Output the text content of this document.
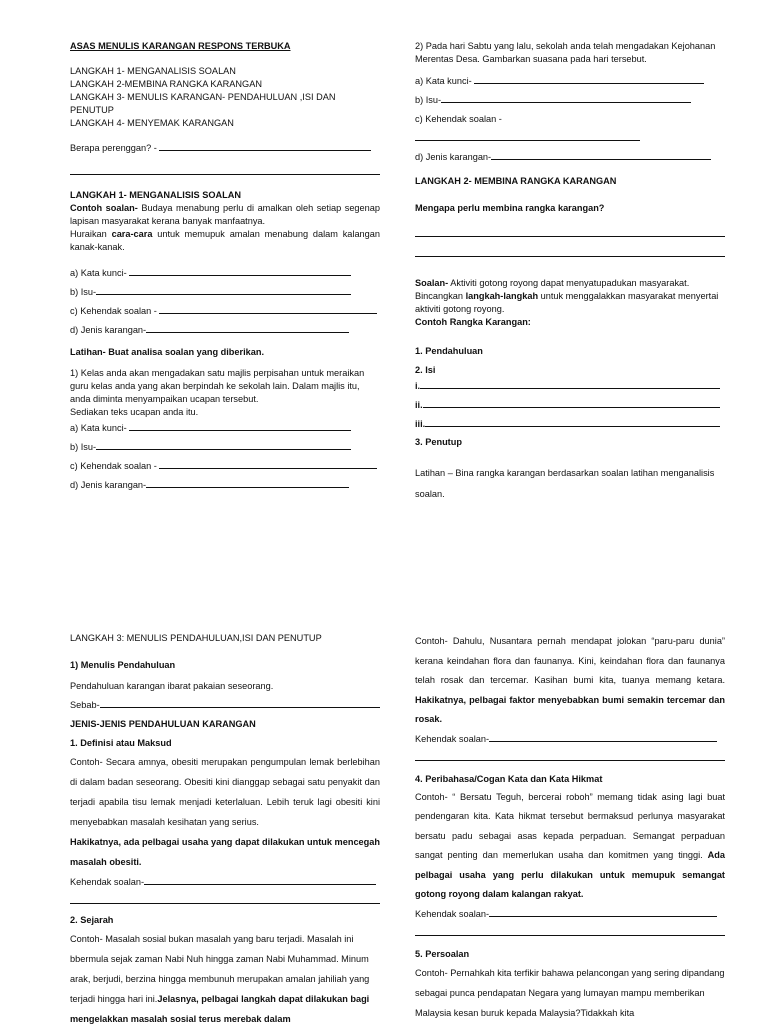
ASAS MENULIS KARANGAN RESPONS TERBUKA

LANGKAH 1- MENGANALISIS SOALAN

LANGKAH 2-MEMBINA RANGKA KARANGAN

LANGKAH 3- MENULIS KARANGAN- PENDAHULUAN ,ISI DAN PENUTUP

LANGKAH 4- MENYEMAK KARANGAN

Berapa perenggan? -

LANGKAH 1- MENGANALISIS SOALAN

Contoh soalan- Budaya menabung perlu di amalkan oleh setiap segenap lapisan masyarakat kerana banyak manfaatnya.

Huraikan cara-cara untuk memupuk amalan menabung dalam kalangan kanak-kanak.

a) Kata kunci-

b) Isu-

c) Kehendak soalan -

d) Jenis karangan-

Latihan- Buat analisa soalan yang diberikan.

1) Kelas anda akan mengadakan satu majlis perpisahan untuk meraikan guru kelas anda yang akan berpindah ke sekolah lain. Dalam majlis itu, anda diminta menyampaikan ucapan tersebut.

Sediakan teks ucapan anda itu.

a) Kata kunci-

b) Isu-

c) Kehendak soalan -

d) Jenis karangan-

2) Pada hari Sabtu yang lalu, sekolah anda telah mengadakan Kejohanan Merentas Desa. Gambarkan suasana pada hari tersebut.

a) Kata kunci-

b) Isu-

c) Kehendak soalan -

d) Jenis karangan-

LANGKAH 2- MEMBINA RANGKA KARANGAN

Mengapa perlu membina rangka karangan?

Soalan- Aktiviti gotong royong dapat menyatupadukan masyarakat.

Bincangkan langkah-langkah untuk menggalakkan masyarakat menyertai aktiviti gotong royong.

Contoh Rangka Karangan:

1. Pendahuluan

2. Isi

i.

ii.

iii.

3. Penutup

Latihan – Bina rangka karangan berdasarkan soalan latihan menganalisis soalan.

LANGKAH 3: MENULIS PENDAHULUAN,ISI DAN PENUTUP

1) Menulis Pendahuluan

Pendahuluan karangan ibarat pakaian seseorang.

Sebab-

JENIS-JENIS PENDAHULUAN KARANGAN

1. Definisi atau Maksud

Contoh- Secara amnya, obesiti merupakan pengumpulan lemak berlebihan di dalam badan seseorang. Obesiti kini dianggap sebagai satu penyakit dan terjadi apabila tisu lemak menjadi keterlaluan. Lebih teruk lagi obesiti kini menyebabkan masalah kesihatan yang serius.
Hakikatnya, ada pelbagai usaha yang dapat dilakukan untuk mencegah masalah obesiti.

Kehendak soalan-

2. Sejarah

Contoh- Masalah sosial bukan masalah yang baru terjadi. Masalah ini bbermula sejak zaman Nabi Nuh hingga zaman Nabi Muhammad. Minum arak, berjudi, berzina hingga membunuh merupakan amalan jahiliah yang terjadi hingga hari ini.Jelasnya, pelbagai langkah dapat dilakukan bagi mengelakkan masalah sosial terus merebak dalam

Contoh- Dahulu, Nusantara pernah mendapat jolokan “paru-paru dunia” kerana keindahan flora dan faunanya. Kini, keindahan flora dan faunanya telah rosak dan tercemar. Kasihan bumi kita, tuanya memang ketara. Hakikatnya, pelbagai faktor menyebabkan bumi semakin tercemar dan rosak.

Kehendak soalan-

4. Peribahasa/Cogan Kata dan Kata Hikmat

Contoh- “ Bersatu Teguh, bercerai roboh” memang tidak asing lagi buat pendengaran kita. Kata hikmat tersebut bermaksud perlunya masyarakat bersatu padu sebagai asas kepada perpaduan. Semangat perpaduan sangat penting dan memerlukan usaha dan komitmen yang tinggi. Ada pelbagai usaha yang perlu dilakukan untuk memupuk semangat gotong royong dalam kalangan rakyat.

Kehendak soalan-

5. Persoalan

Contoh- Pernahkah kita terfikir bahawa pelancongan yang sering dipandang sebagai punca pendapatan Negara yang lumayan mampu memberikan Malaysia kesan buruk kepada Malaysia?Tidakkah kita
